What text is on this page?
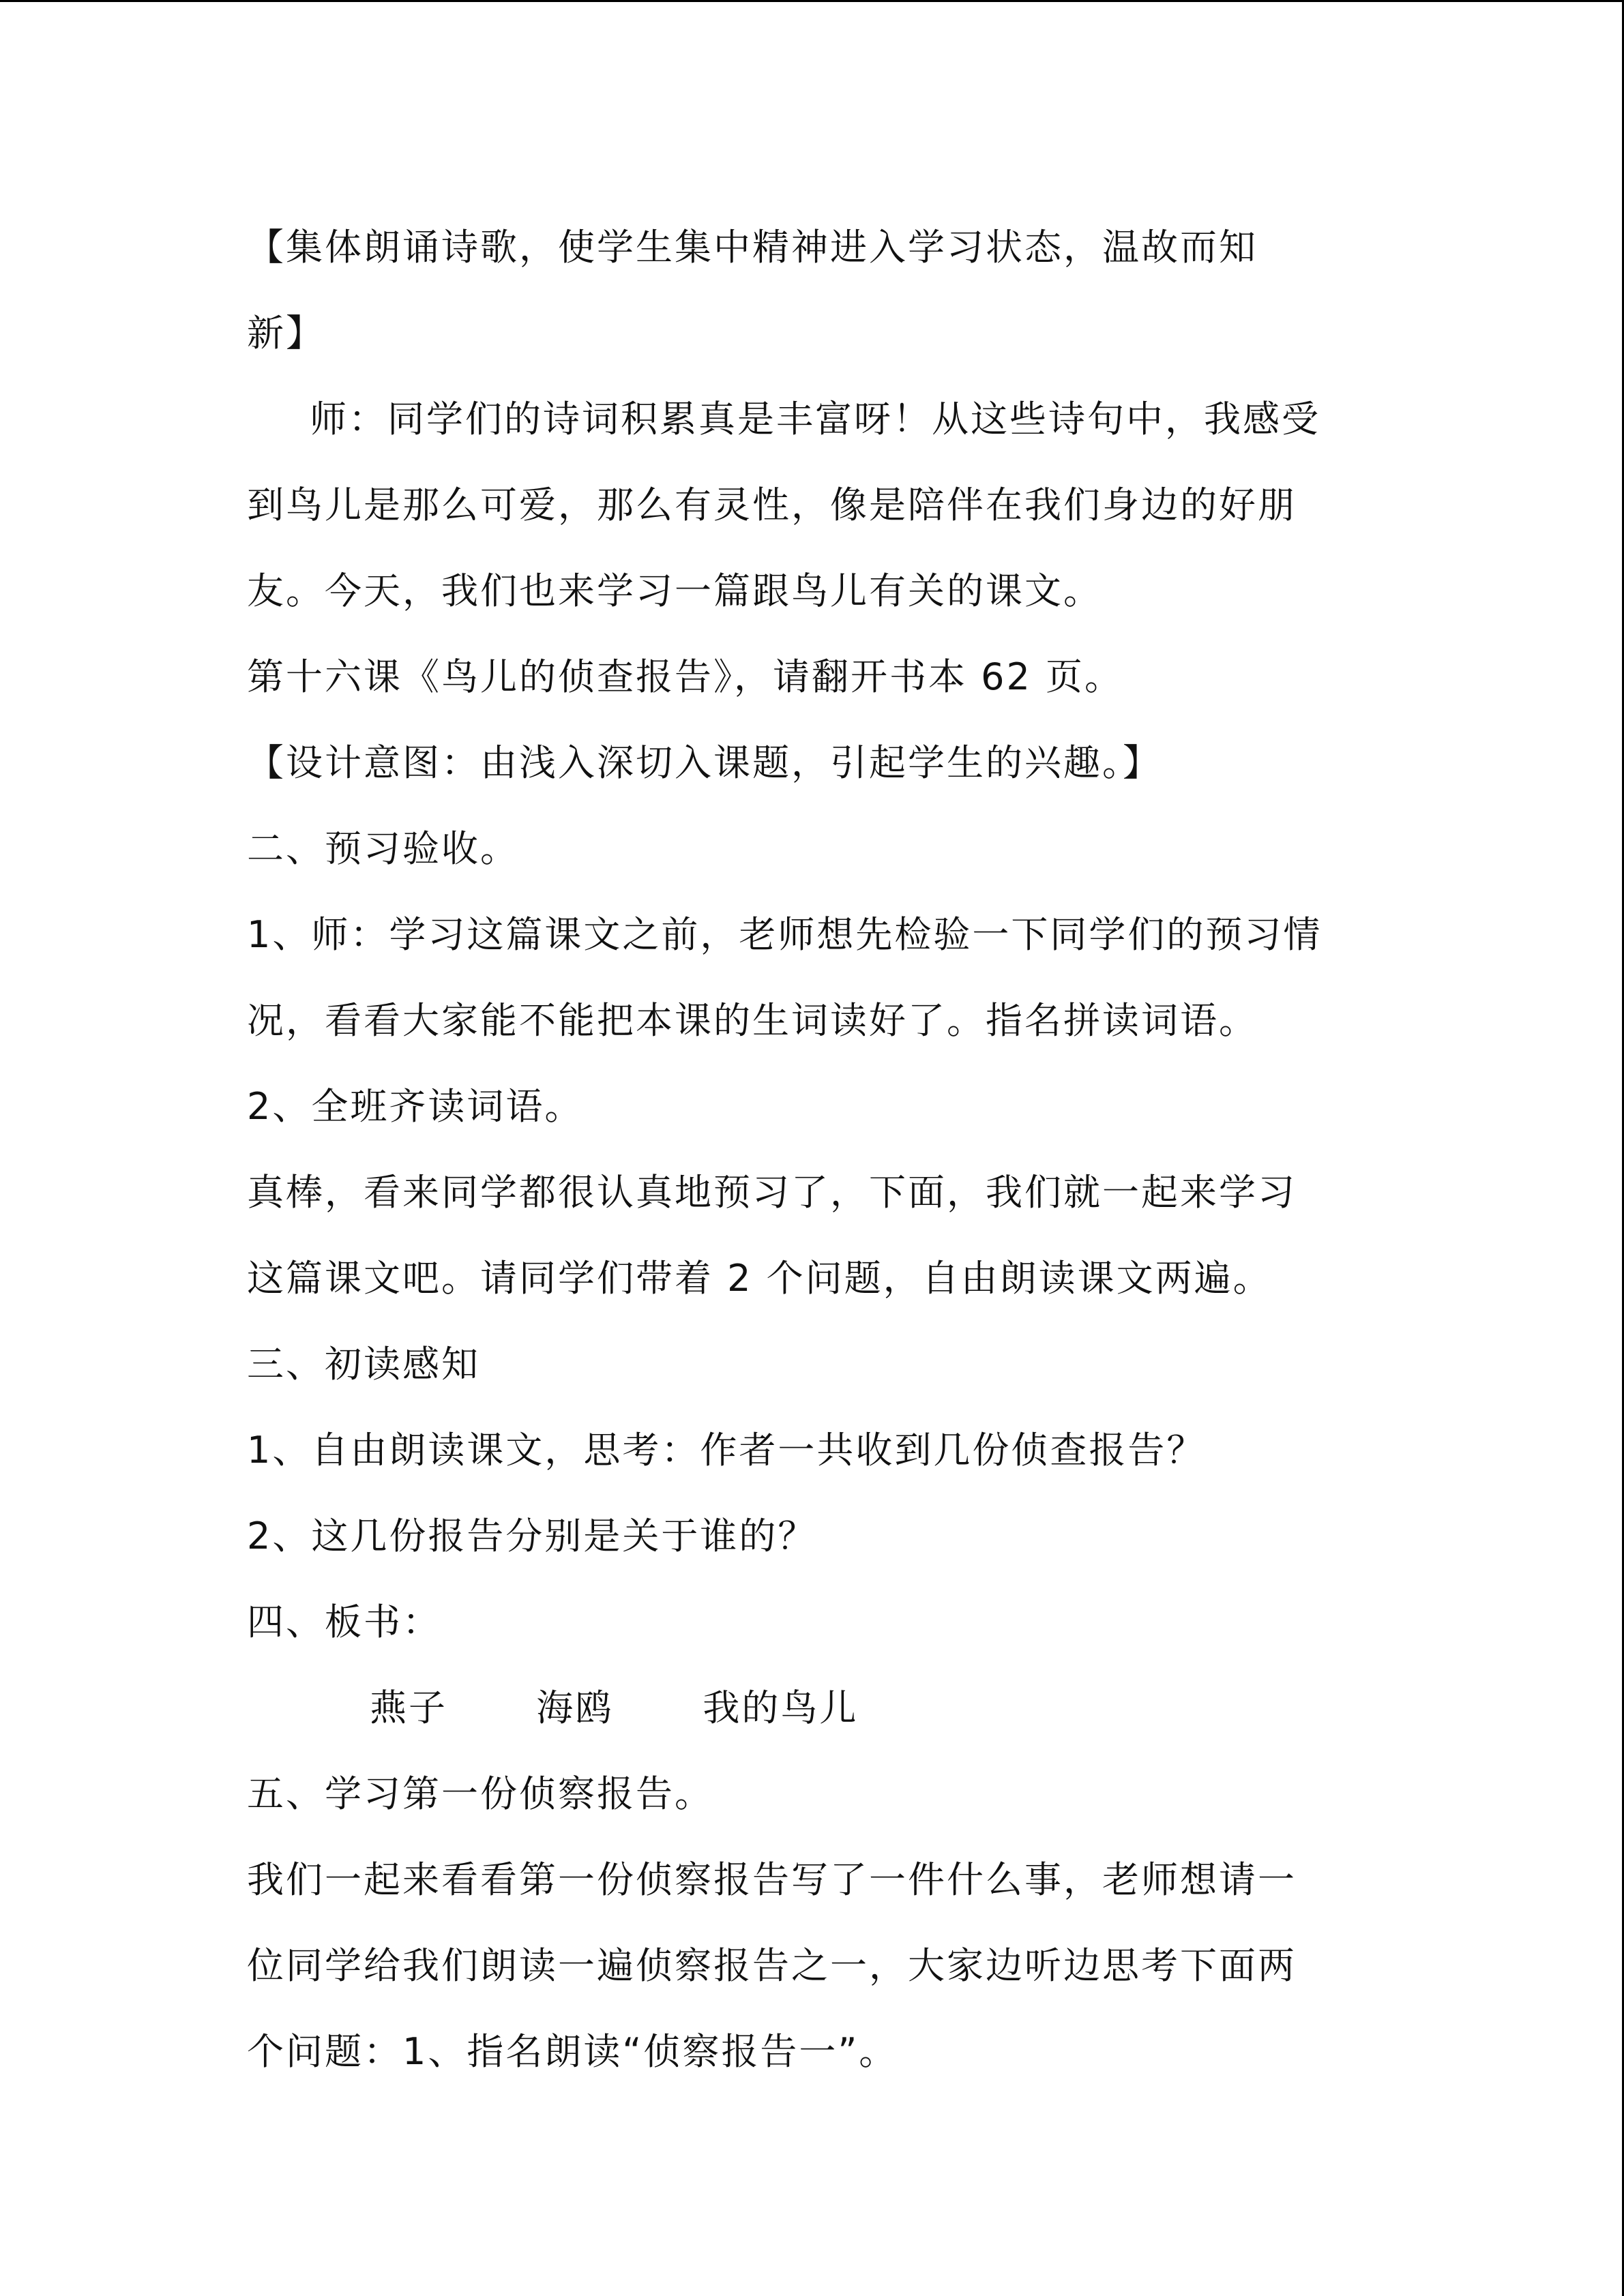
【集体朗诵诗歌，使学生集中精神进入学习状态，温故而知
新】
师：同学们的诗词积累真是丰富呀！从这些诗句中，我感受
到鸟儿是那么可爱，那么有灵性，像是陪伴在我们身边的好朋
友。今天，我们也来学习一篇跟鸟儿有关的课文。
第十六课《鸟儿的侦查报告》，请翻开书本 62 页。
【设计意图：由浅入深切入课题，引起学生的兴趣。】
二、预习验收。
1、师：学习这篇课文之前，老师想先检验一下同学们的预习情
况，看看大家能不能把本课的生词读好了。指名拼读词语。
2、全班齐读词语。
真棒，看来同学都很认真地预习了，下面，我们就一起来学习
这篇课文吧。请同学们带着 2 个问题，自由朗读课文两遍。
三、初读感知
1、自由朗读课文，思考：作者一共收到几份侦查报告？
2、这几份报告分别是关于谁的？
四、板书：
燕子 海鸥 我的鸟儿
五、学习第一份侦察报告。
我们一起来看看第一份侦察报告写了一件什么事，老师想请一
位同学给我们朗读一遍侦察报告之一，大家边听边思考下面两
个问题：1、指名朗读“侦察报告一”。
